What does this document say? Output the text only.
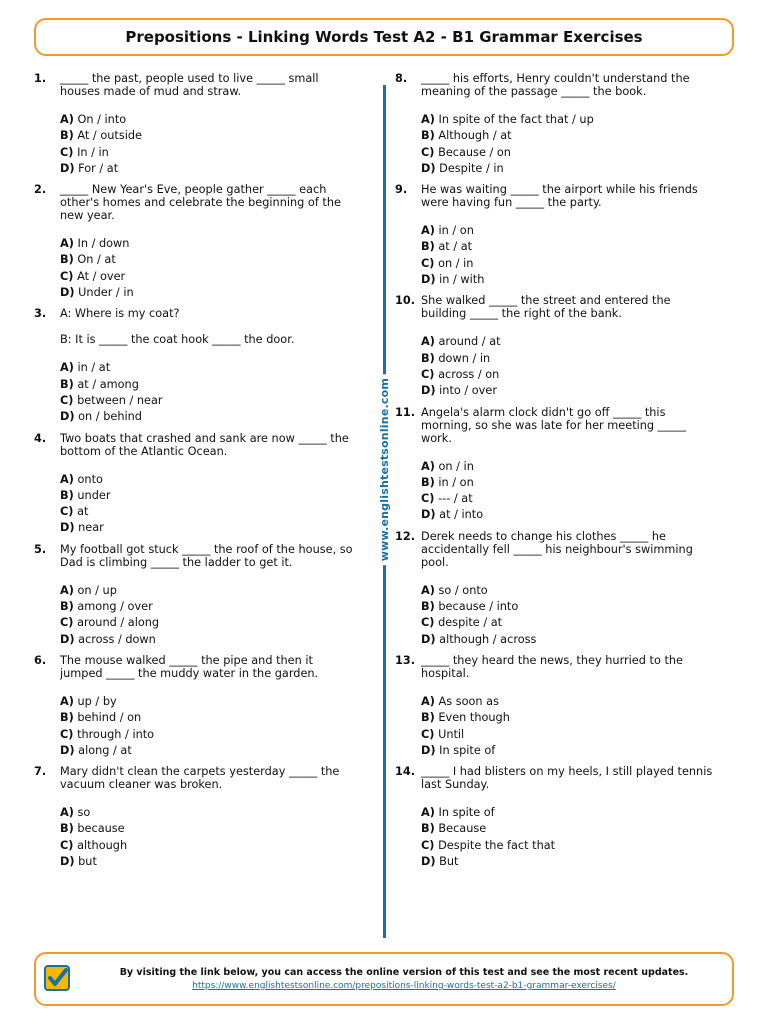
Prepositions - Linking Words Test A2 - B1 Grammar Exercises
1.	_____ the past, people used to live _____ small houses made of mud and straw.
A) On / into
B) At / outside
C) In / in
D) For / at
2.	_____ New Year's Eve, people gather _____ each other's homes and celebrate the beginning of the new year.
A) In / down
B) On / at
C) At / over
D) Under / in
3.	A: Where is my coat?
B: It is _____ the coat hook _____ the door.
A) in / at
B) at / among
C) between / near
D) on / behind
4.	Two boats that crashed and sank are now _____ the bottom of the Atlantic Ocean.
A) onto
B) under
C) at
D) near
5.	My football got stuck _____ the roof of the house, so Dad is climbing _____ the ladder to get it.
A) on / up
B) among / over
C) around / along
D) across / down
6.	The mouse walked _____ the pipe and then it jumped _____ the muddy water in the garden.
A) up / by
B) behind / on
C) through / into
D) along / at
7.	Mary didn't clean the carpets yesterday _____ the vacuum cleaner was broken.
A) so
B) because
C) although
D) but
www.englishtestsonline.com
8.	_____ his efforts, Henry couldn't understand the meaning of the passage _____ the book.
A) In spite of the fact that / up
B) Although / at
C) Because / on
D) Despite / in
9.	He was waiting _____ the airport while his friends were having fun _____ the party.
A) in / on
B) at / at
C) on / in
D) in / with
10. She walked _____ the street and entered the building _____ the right of the bank.
A) around / at
B) down / in
C) across / on
D) into / over
11. Angela's alarm clock didn't go off _____ this morning, so she was late for her meeting _____ work.
A) on / in
B) in / on
C) --- / at
D) at / into
12. Derek needs to change his clothes _____ he accidentally fell _____ his neighbour's swimming pool.
A) so / onto
B) because / into
C) despite / at
D) although / across
13. _____ they heard the news, they hurried to the hospital.
A) As soon as
B) Even though
C) Until
D) In spite of
14. _____ I had blisters on my heels, I still played tennis last Sunday.
A) In spite of
B) Because
C) Despite the fact that
D) But
By visiting the link below, you can access the online version of this test and see the most recent updates.
https://www.englishtestsonline.com/prepositions-linking-words-test-a2-b1-grammar-exercises/
